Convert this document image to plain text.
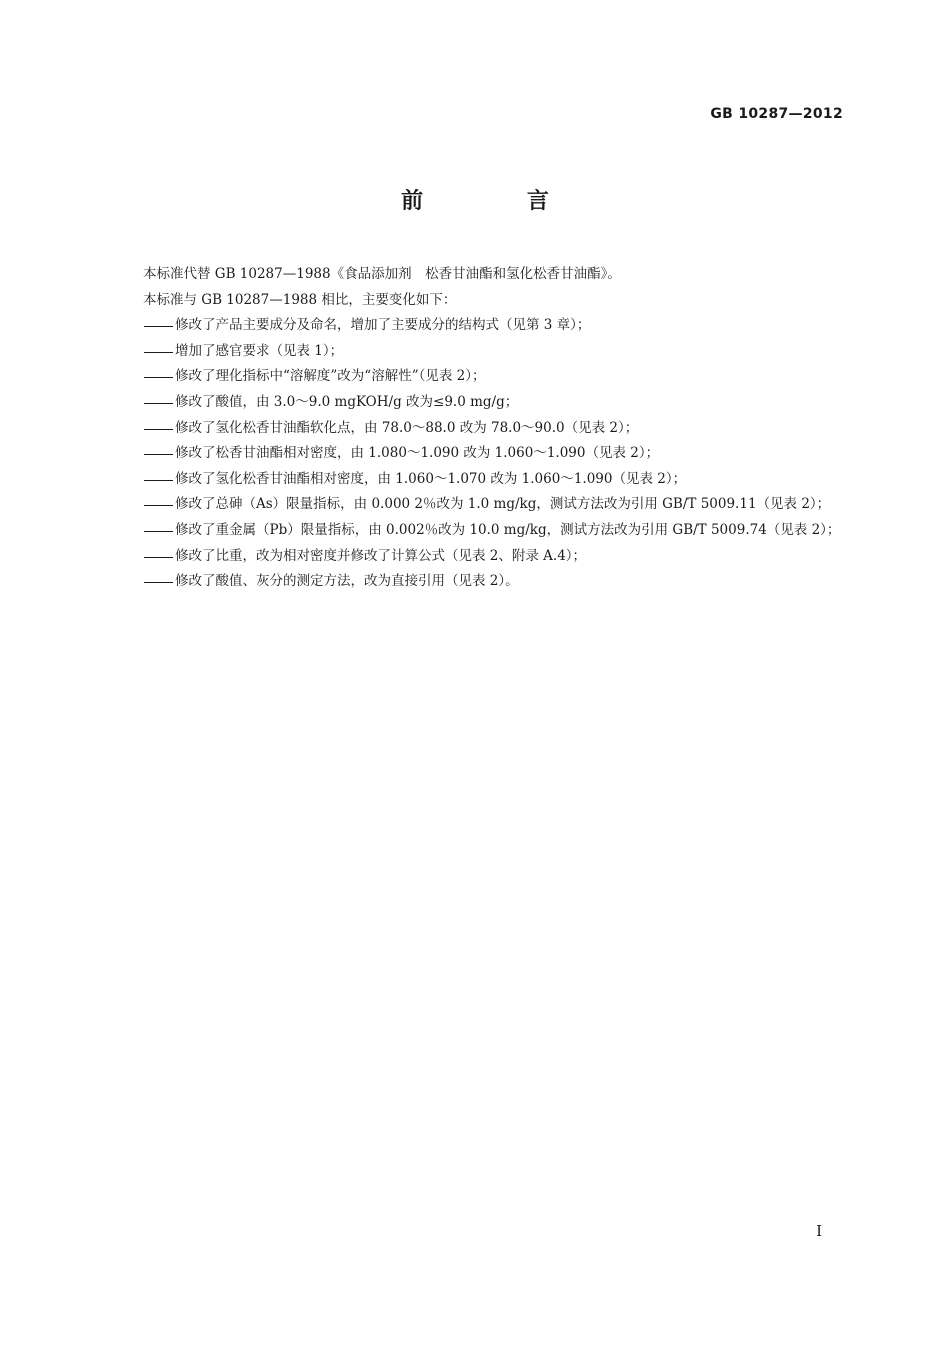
GB 10287—2012
前 言

本标准代替 GB 10287—1988《食品添加剂　松香甘油酯和氢化松香甘油酯》。

本标准与 GB 10287—1988 相比，主要变化如下：

修改了产品主要成分及命名，增加了主要成分的结构式（见第 3 章）；
增加了感官要求（见表 1）；
修改了理化指标中“溶解度”改为“溶解性”（见表 2）；
修改了酸值，由 3.0～9.0 mgKOH/g 改为≤9.0 mg/g；
修改了氢化松香甘油酯软化点，由 78.0～88.0 改为 78.0～90.0（见表 2）；
修改了松香甘油酯相对密度，由 1.080～1.090 改为 1.060～1.090（见表 2）；
修改了氢化松香甘油酯相对密度，由 1.060～1.070 改为 1.060～1.090（见表 2）；
修改了总砷（As）限量指标，由 0.000 2％改为 1.0 mg/kg，测试方法改为引用 GB/T 5009.11（见表 2）；
修改了重金属（Pb）限量指标，由 0.002％改为 10.0 mg/kg，测试方法改为引用 GB/T 5009.74（见表 2）；
修改了比重，改为相对密度并修改了计算公式（见表 2、附录 A.4）；
修改了酸值、灰分的测定方法，改为直接引用（见表 2）。
I
